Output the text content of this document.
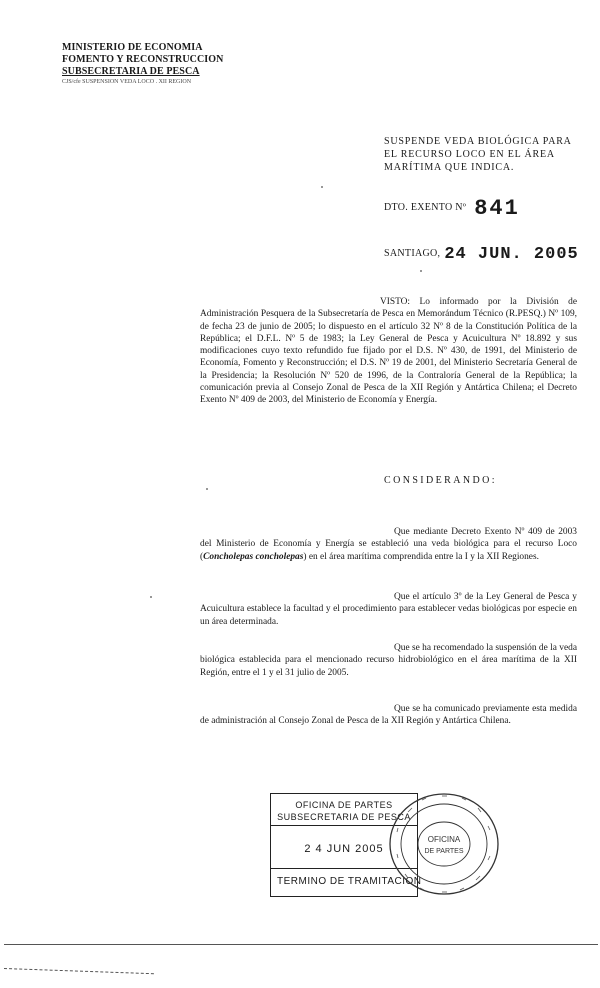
MINISTERIO DE ECONOMIA
FOMENTO Y RECONSTRUCCION
SUBSECRETARIA DE PESCA
CJS/cfe SUSPENSION VEDA LOCO . XII REGION
SUSPENDE VEDA BIOLÓGICA PARA
EL RECURSO LOCO EN EL ÁREA
MARÍTIMA QUE INDICA.
DTO. EXENTO Nº 841
SANTIAGO, 24 JUN. 2005
VISTO: Lo informado por la División de Administración Pesquera de la Subsecretaría de Pesca en Memorándum Técnico (R.PESQ.) Nº 109, de fecha 23 de junio de 2005; lo dispuesto en el artículo 32 Nº 8 de la Constitución Política de la República; el D.F.L. Nº 5 de 1983; la Ley General de Pesca y Acuicultura Nº 18.892 y sus modificaciones cuyo texto refundido fue fijado por el D.S. Nº 430, de 1991, del Ministerio de Economía, Fomento y Reconstrucción; el D.S. Nº 19 de 2001, del Ministerio Secretaría General de la Presidencia; la Resolución Nº 520 de 1996, de la Contraloría General de la República; la comunicación previa al Consejo Zonal de Pesca de la XII Región y Antártica Chilena; el Decreto Exento Nº 409 de 2003, del Ministerio de Economía y Energía.
CONSIDERANDO:
Que mediante Decreto Exento Nº 409 de 2003 del Ministerio de Economía y Energía se estableció una veda biológica para el recurso Loco (Concholepas concholepas) en el área marítima comprendida entre la I y la XII Regiones.
Que el artículo 3º de la Ley General de Pesca y Acuicultura establece la facultad y el procedimiento para establecer vedas biológicas por especie en un área determinada.
Que se ha recomendado la suspensión de la veda biológica establecida para el mencionado recurso hidrobiológico en el área marítima de la XII Región, entre el 1 y el 31 julio de 2005.
Que se ha comunicado previamente esta medida de administración al Consejo Zonal de Pesca de la XII Región y Antártica Chilena.
OFICINA DE PARTES
SUBSECRETARIA DE PESCA
2 4 JUN 2005
TERMINO DE TRAMITACION
OFICINA
DE PARTES
